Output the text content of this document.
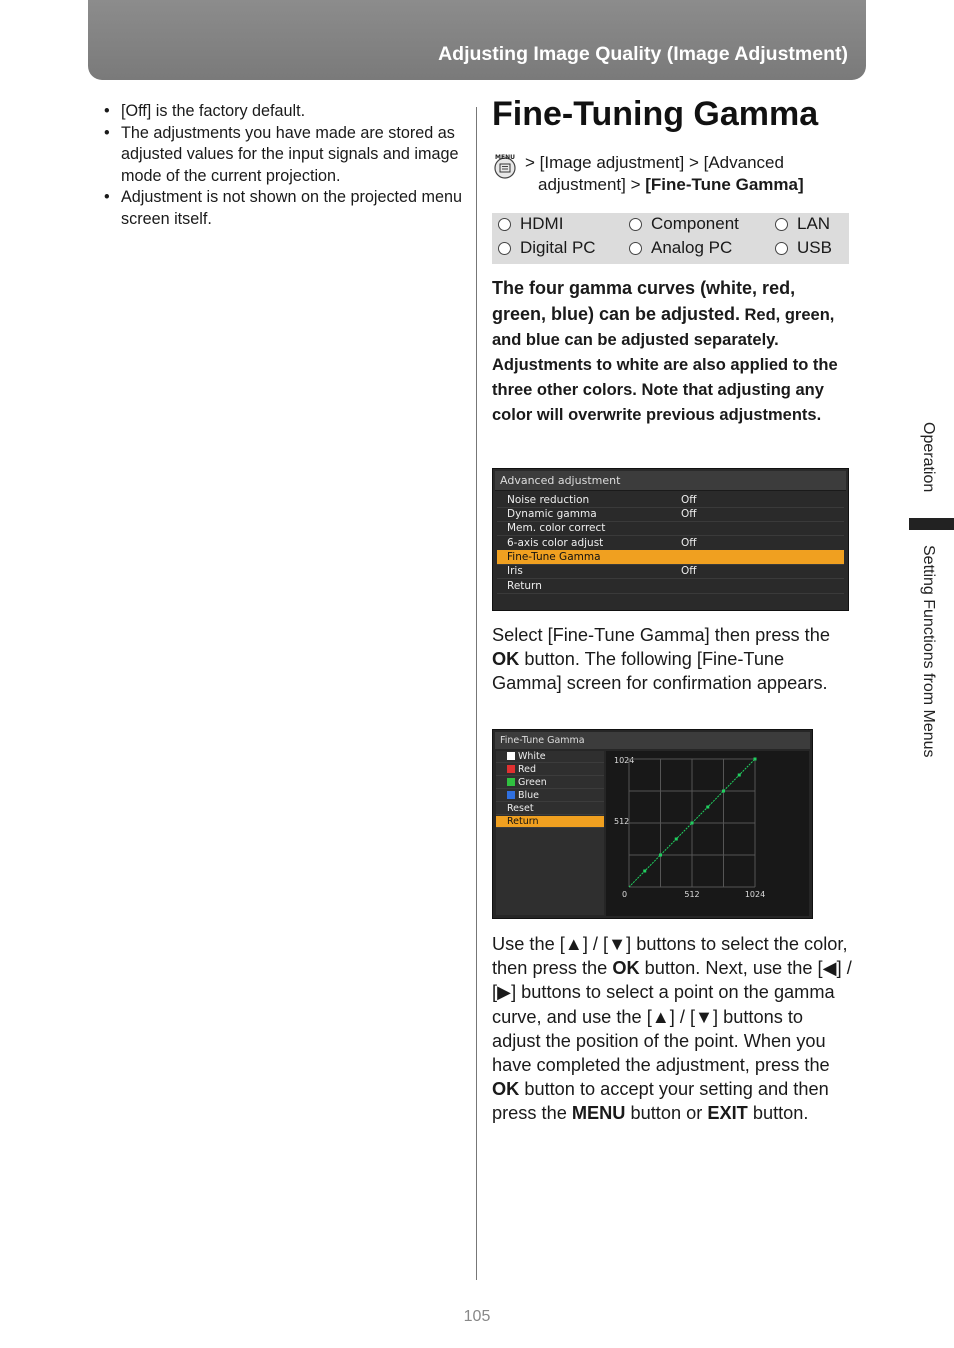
Adjusting Image Quality (Image Adjustment)
• [Off] is the factory default.
• The adjustments you have made are stored as adjusted values for the input signals and image mode of the current projection.
• Adjustment is not shown on the projected menu screen itself.
Fine-Tuning Gamma
MENU > [Image adjustment] > [Advanced
adjustment] > [Fine-Tune Gamma]
HDMI	Component	LAN
Digital PC	Analog PC	USB
The four gamma curves (white, red, green, blue) can be adjusted. Red, green, and blue can be adjusted separately. Adjustments to white are also applied to the three other colors. Note that adjusting any color will overwrite previous adjustments.
Advanced adjustment
Noise reduction	Off
Dynamic gamma	Off
Mem. color correct
6-axis color adjust	Off
Fine-Tune Gamma
Iris	Off
Return
Select [Fine-Tune Gamma] then press the OK button. The following [Fine-Tune Gamma] screen for confirmation appears.
Fine-Tune Gamma
White
Red
Green
Blue
Reset
Return
1024
512
0	512	1024
Use the [▲] / [▼] buttons to select the color, then press the OK button. Next, use the [◀] / [▶] buttons to select a point on the gamma curve, and use the [▲] / [▼] buttons to adjust the position of the point. When you have completed the adjustment, press the OK button to accept your setting and then press the MENU button or EXIT button.
Operation
Setting Functions from Menus
105
